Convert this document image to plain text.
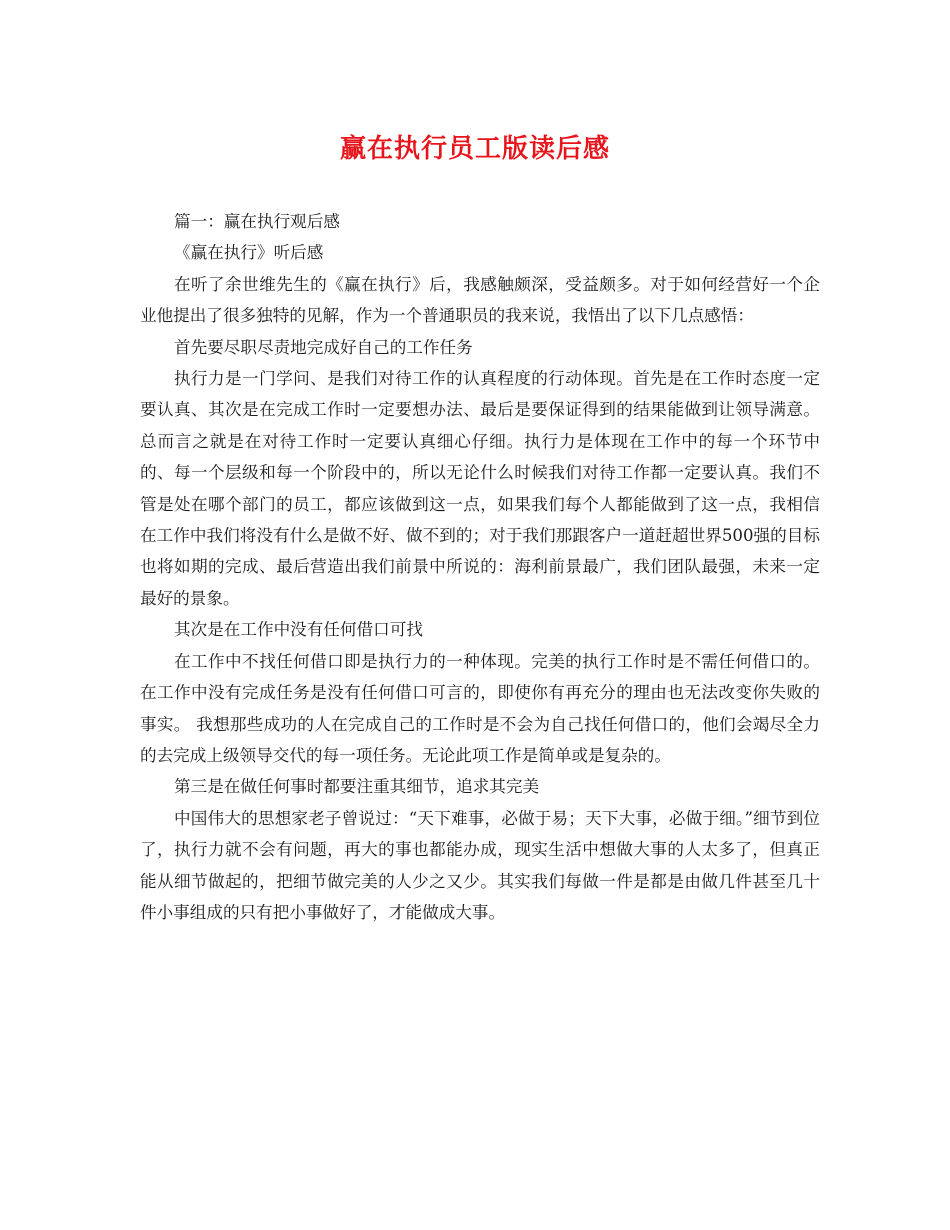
赢在执行员工版读后感

篇一：赢在执行观后感

《赢在执行》听后感

在听了余世维先生的《赢在执行》后，我感触颇深，受益颇多。对于如何经营好一个企业他提出了很多独特的见解，作为一个普通职员的我来说，我悟出了以下几点感悟：

首先要尽职尽责地完成好自己的工作任务

执行力是一门学问、是我们对待工作的认真程度的行动体现。首先是在工作时态度一定要认真、其次是在完成工作时一定要想办法、最后是要保证得到的结果能做到让领导满意。总而言之就是在对待工作时一定要认真细心仔细。执行力是体现在工作中的每一个环节中的、每一个层级和每一个阶段中的，所以无论什么时候我们对待工作都一定要认真。我们不管是处在哪个部门的员工，都应该做到这一点，如果我们每个人都能做到了这一点，我相信在工作中我们将没有什么是做不好、做不到的；对于我们那跟客户一道赶超世界500强的目标也将如期的完成、最后营造出我们前景中所说的：海利前景最广，我们团队最强，未来一定最好的景象。

其次是在工作中没有任何借口可找

在工作中不找任何借口即是执行力的一种体现。完美的执行工作时是不需任何借口的。在工作中没有完成任务是没有任何借口可言的，即使你有再充分的理由也无法改变你失败的事实。 我想那些成功的人在完成自己的工作时是不会为自己找任何借口的，他们会竭尽全力的去完成上级领导交代的每一项任务。无论此项工作是简单或是复杂的。

第三是在做任何事时都要注重其细节，追求其完美

中国伟大的思想家老子曾说过：“天下难事，必做于易；天下大事，必做于细。”细节到位了，执行力就不会有问题，再大的事也都能办成，现实生活中想做大事的人太多了，但真正能从细节做起的，把细节做完美的人少之又少。其实我们每做一件是都是由做几件甚至几十件小事组成的只有把小事做好了，才能做成大事。
